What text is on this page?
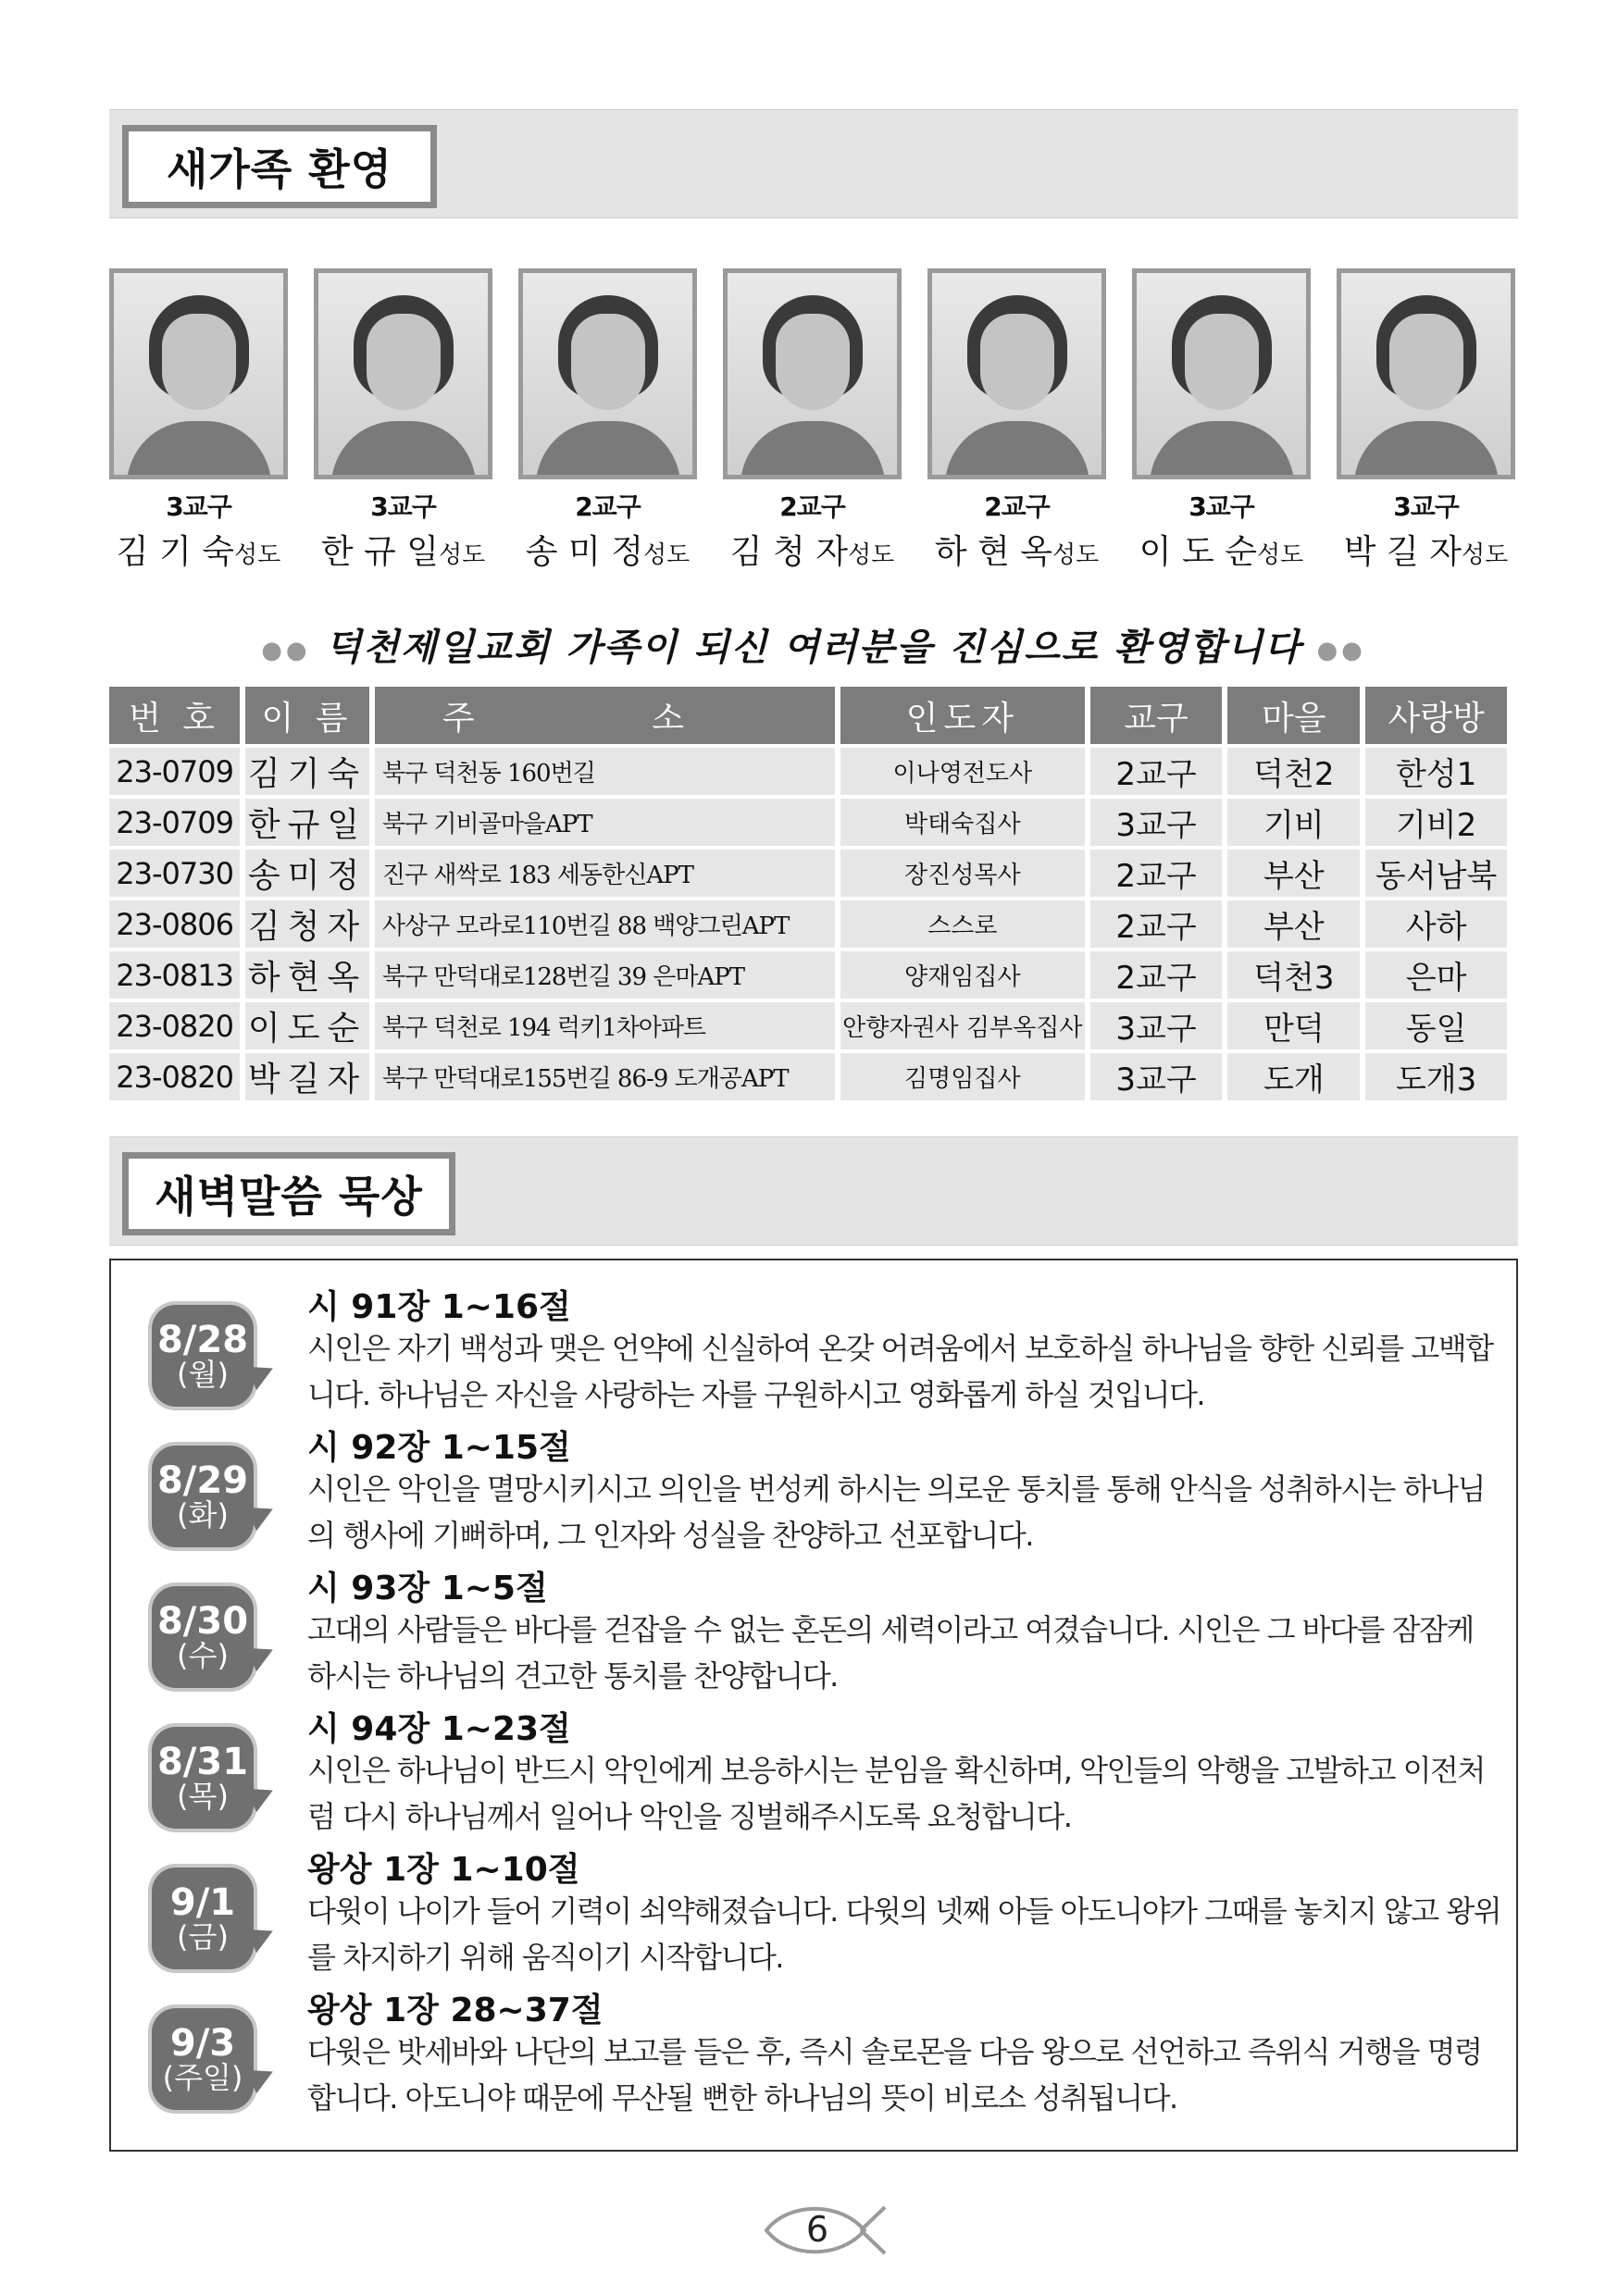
새가족 환영
3교구
김 기 숙성도
3교구
한 규 일성도
2교구
송 미 정성도
2교구
김 청 자성도
2교구
하 현 옥성도
3교구
이 도 순성도
3교구
박 길 자성도
●● 덕천제일교회 가족이 되신 여러분을 진심으로 환영합니다 ●●
번 호	이 름	주 소	인도자	교구	마을	사랑방
23-0709	김기숙	북구 덕천동 160번길	이나영전도사	2교구	덕천2	한성1
23-0709	한규일	북구 기비골마을APT	박태숙집사	3교구	기비	기비2
23-0730	송미정	진구 새싹로 183 세동한신APT	장진성목사	2교구	부산	동서남북
23-0806	김청자	사상구 모라로110번길 88 백양그린APT	스스로	2교구	부산	사하
23-0813	하현옥	북구 만덕대로128번길 39 은마APT	양재임집사	2교구	덕천3	은마
23-0820	이도순	북구 덕천로 194 럭키1차아파트	안향자권사 김부옥집사	3교구	만덕	동일
23-0820	박길자	북구 만덕대로155번길 86-9 도개공APT	김명임집사	3교구	도개	도개3
새벽말씀 묵상
8/28
(월)
시 91장 1~16절
시인은 자기 백성과 맺은 언약에 신실하여 온갖 어려움에서 보호하실 하나님을 향한 신뢰를 고백합니다. 하나님은 자신을 사랑하는 자를 구원하시고 영화롭게 하실 것입니다.
8/29
(화)
시 92장 1~15절
시인은 악인을 멸망시키시고 의인을 번성케 하시는 의로운 통치를 통해 안식을 성취하시는 하나님의 행사에 기뻐하며, 그 인자와 성실을 찬양하고 선포합니다.
8/30
(수)
시 93장 1~5절
고대의 사람들은 바다를 걷잡을 수 없는 혼돈의 세력이라고 여겼습니다. 시인은 그 바다를 잠잠케 하시는 하나님의 견고한 통치를 찬양합니다.
8/31
(목)
시 94장 1~23절
시인은 하나님이 반드시 악인에게 보응하시는 분임을 확신하며, 악인들의 악행을 고발하고 이전처럼 다시 하나님께서 일어나 악인을 징벌해주시도록 요청합니다.
9/1
(금)
왕상 1장 1~10절
다윗이 나이가 들어 기력이 쇠약해졌습니다. 다윗의 넷째 아들 아도니야가 그때를 놓치지 않고 왕위를 차지하기 위해 움직이기 시작합니다.
9/3
(주일)
왕상 1장 28~37절
다윗은 밧세바와 나단의 보고를 들은 후, 즉시 솔로몬을 다음 왕으로 선언하고 즉위식 거행을 명령합니다. 아도니야 때문에 무산될 뻔한 하나님의 뜻이 비로소 성취됩니다.
6
